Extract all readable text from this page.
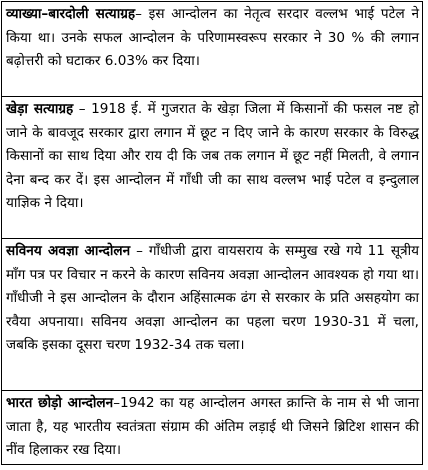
व्याख्या–बारदोली सत्याग्रह– इस आन्दोलन का नेतृत्व सरदार वल्लभ भाई पटेल ने किया था। उनके सफल आन्दोलन के परिणामस्वरूप सरकार ने 30 % की लगान बढ़ोत्तरी को घटाकर 6.03% कर दिया।
खेड़ा सत्याग्रह – 1918 ई. में गुजरात के खेड़ा जिला में किसानों की फसल नष्ट हो जाने के बावजूद सरकार द्वारा लगान में छूट न दिए जाने के कारण सरकार के विरुद्ध किसानों का साथ दिया और राय दी कि जब तक लगान में छूट नहीं मिलती, वे लगान देना बन्द कर दें। इस आन्दोलन में गाँधी जी का साथ वल्लभ भाई पटेल व इन्दुलाल याज्ञिक ने दिया।
सविनय अवज्ञा आन्दोलन – गाँधीजी द्वारा वायसराय के सम्मुख रखे गये 11 सूत्रीय माँग पत्र पर विचार न करने के कारण सविनय अवज्ञा आन्दोलन आवश्यक हो गया था। गाँधीजी ने इस आन्दोलन के दौरान अहिंसात्मक ढंग से सरकार के प्रति असहयोग का रवैया अपनाया। सविनय अवज्ञा आन्दोलन का पहला चरण 1930-31 में चला, जबकि इसका दूसरा चरण 1932-34 तक चला।
भारत छोड़ो आन्दोलन–1942 का यह आन्दोलन अगस्त क्रान्ति के नाम से भी जाना जाता है, यह भारतीय स्वतंत्रता संग्राम की अंतिम लड़ाई थी जिसने ब्रिटिश शासन की नींव हिलाकर रख दिया।
